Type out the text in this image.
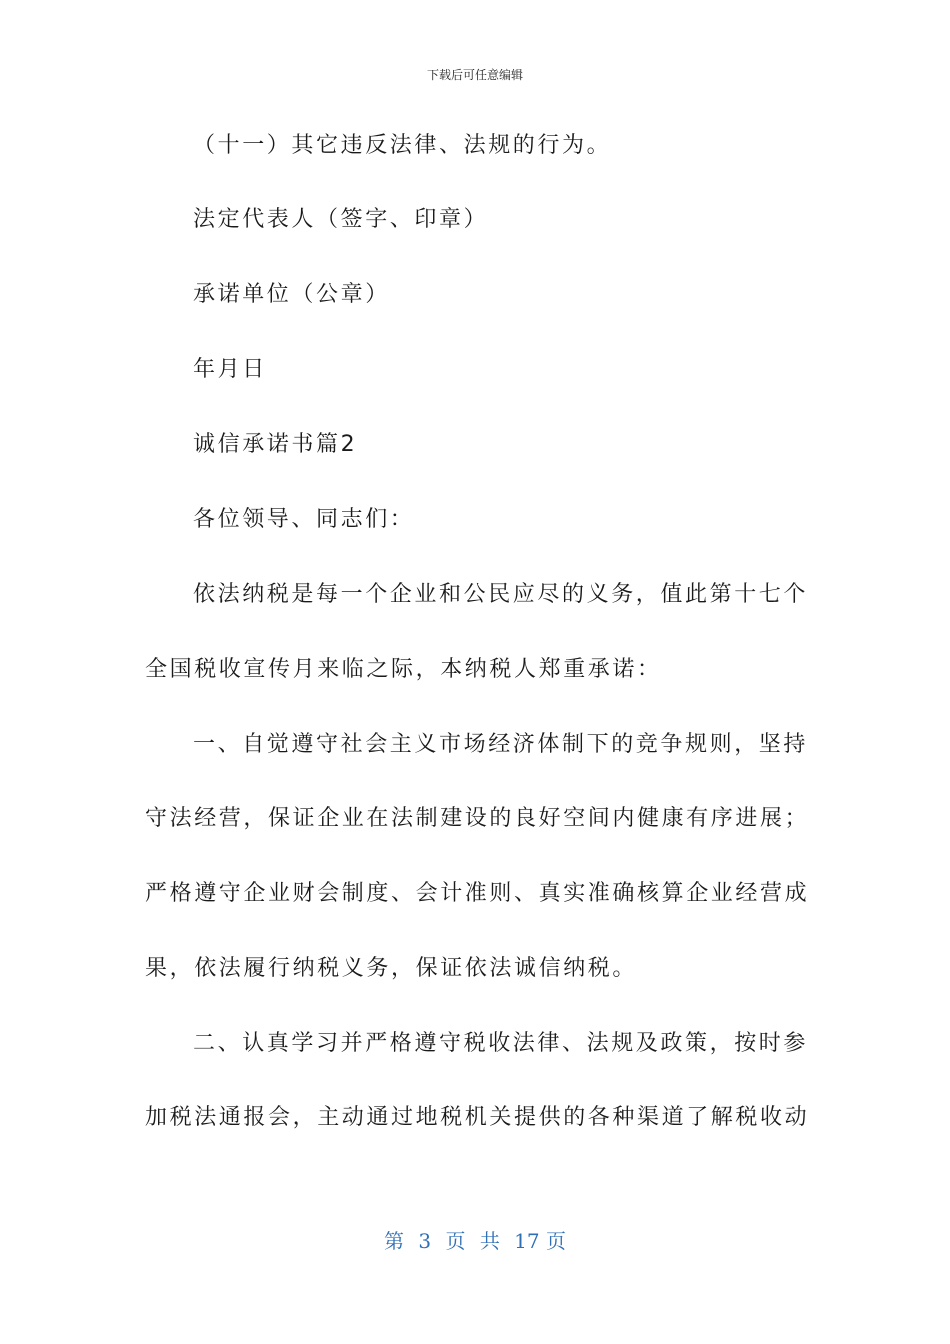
下载后可任意编辑
（十一）其它违反法律、法规的行为。
法定代表人（签字、印章）
承诺单位（公章）
年月日
诚信承诺书篇2
各位领导、同志们：
依法纳税是每一个企业和公民应尽的义务，值此第十七个
全国税收宣传月来临之际，本纳税人郑重承诺：
一、自觉遵守社会主义市场经济体制下的竞争规则，坚持
守法经营，保证企业在法制建设的良好空间内健康有序进展；
严格遵守企业财会制度、会计准则、真实准确核算企业经营成
果，依法履行纳税义务，保证依法诚信纳税。
二、认真学习并严格遵守税收法律、法规及政策，按时参
加税法通报会，主动通过地税机关提供的各种渠道了解税收动
第 3 页 共 17 页
